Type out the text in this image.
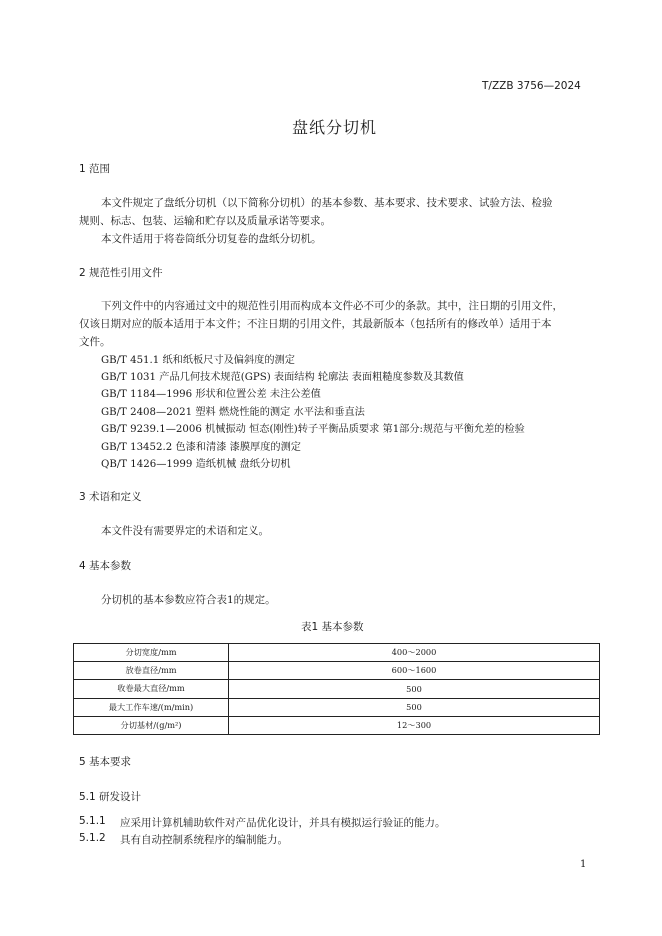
T/ZZB 3756—2024
盘纸分切机
1 范围
本文件规定了盘纸分切机（以下简称分切机）的基本参数、基本要求、技术要求、试验方法、检验
规则、标志、包装、运输和贮存以及质量承诺等要求。
本文件适用于将卷筒纸分切复卷的盘纸分切机。
2 规范性引用文件
下列文件中的内容通过文中的规范性引用而构成本文件必不可少的条款。其中，注日期的引用文件，
仅该日期对应的版本适用于本文件；不注日期的引用文件，其最新版本（包括所有的修改单）适用于本
文件。
GB/T 451.1 纸和纸板尺寸及偏斜度的测定
GB/T 1031 产品几何技术规范(GPS) 表面结构 轮廓法 表面粗糙度参数及其数值
GB/T 1184—1996 形状和位置公差 未注公差值
GB/T 2408—2021 塑料 燃烧性能的测定 水平法和垂直法
GB/T 9239.1—2006 机械振动 恒态(刚性)转子平衡品质要求 第1部分:规范与平衡允差的检验
GB/T 13452.2 色漆和清漆 漆膜厚度的测定
QB/T 1426—1999 造纸机械 盘纸分切机
3 术语和定义
本文件没有需要界定的术语和定义。
4 基本参数
分切机的基本参数应符合表1的规定。
表1 基本参数
分切宽度/mm	400～2000
放卷直径/mm	600～1600
收卷最大直径/mm	500
最大工作车速/(m/min)	500
分切基材/(g/m²)	12～300
5 基本要求
5.1 研发设计
5.1.1 应采用计算机辅助软件对产品优化设计，并具有模拟运行验证的能力。
5.1.2 具有自动控制系统程序的编制能力。
1
